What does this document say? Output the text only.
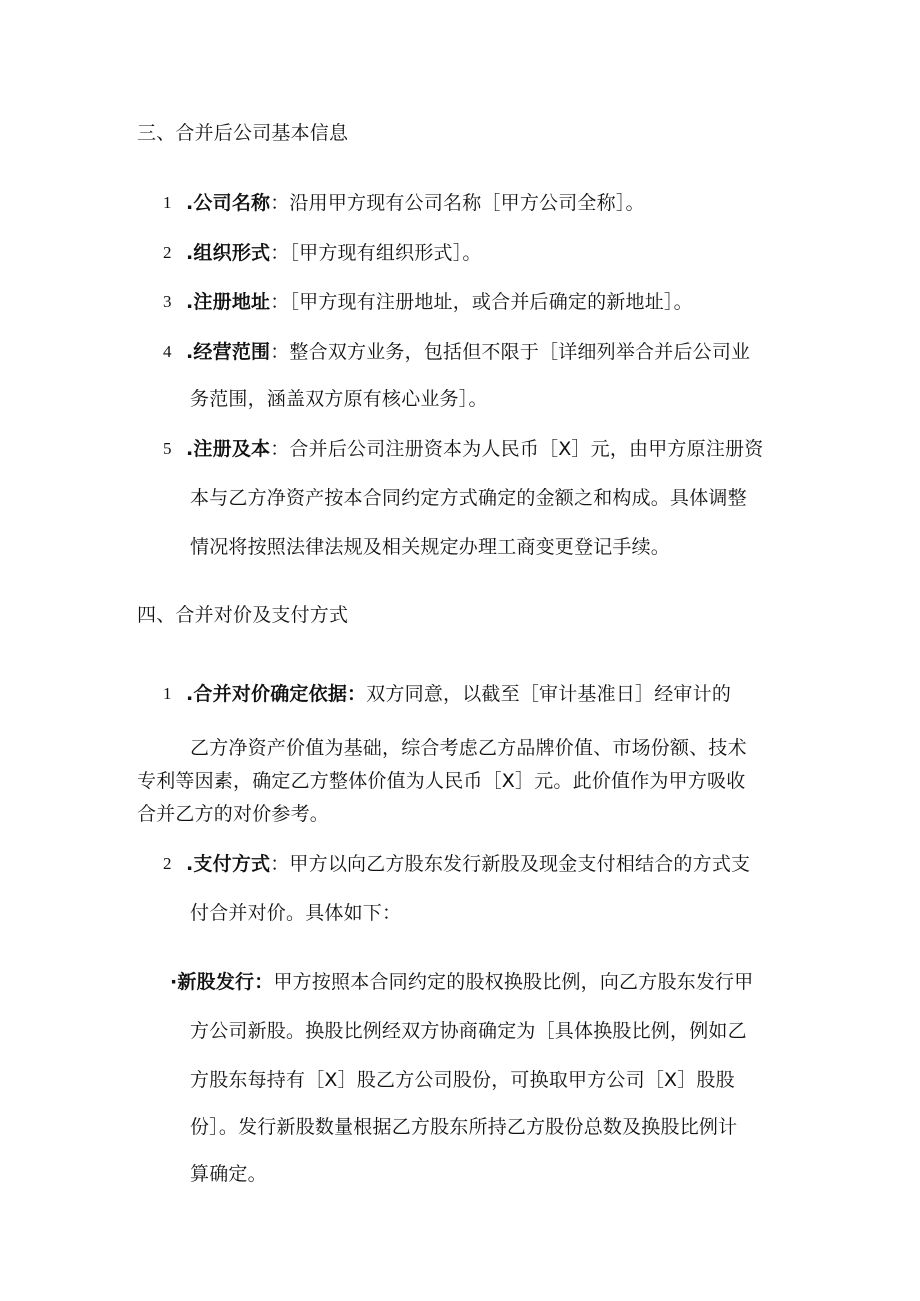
三、合并后公司基本信息
1 .公司名称：沿用甲方现有公司名称［甲方公司全称］。
2 .组织形式：［甲方现有组织形式］。
3 .注册地址：［甲方现有注册地址，或合并后确定的新地址］。
4 .经营范围：整合双方业务，包括但不限于［详细列举合并后公司业
务范围，涵盖双方原有核心业务］。
5 .注册及本：合并后公司注册资本为人民币［X］元，由甲方原注册资
本与乙方净资产按本合同约定方式确定的金额之和构成。具体调整
情况将按照法律法规及相关规定办理工商变更登记手续。
四、合并对价及支付方式
1 .合并对价确定依据：双方同意，以截至［审计基准日］经审计的
乙方净资产价值为基础，综合考虑乙方品牌价值、市场份额、技术
专利等因素，确定乙方整体价值为人民币［X］元。此价值作为甲方吸收
合并乙方的对价参考。
2 .支付方式：甲方以向乙方股东发行新股及现金支付相结合的方式支
付合并对价。具体如下：
·新股发行：甲方按照本合同约定的股权换股比例，向乙方股东发行甲
方公司新股。换股比例经双方协商确定为［具体换股比例，例如乙
方股东每持有［X］股乙方公司股份，可换取甲方公司［X］股股
份］。发行新股数量根据乙方股东所持乙方股份总数及换股比例计
算确定。
